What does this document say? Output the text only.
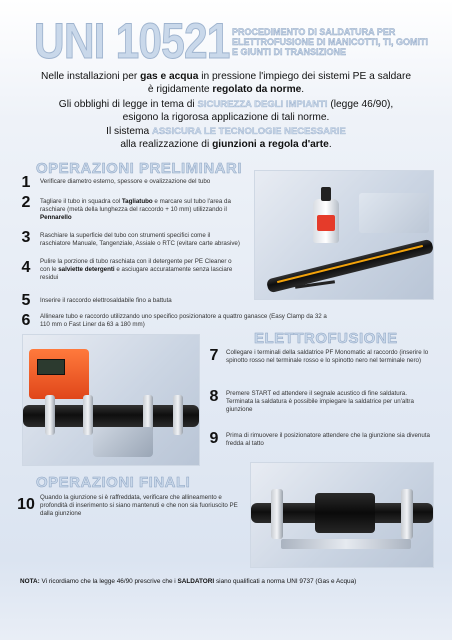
UNI 10521 PROCEDIMENTO DI SALDATURA PER ELETTROFUSIONE DI MANICOTTI, TI, GOMITI E GIUNTI DI TRANSIZIONE
Nelle installazioni per gas e acqua in pressione l'impiego dei sistemi PE a saldare
è rigidamente regolato da norme.
Gli obblighi di legge in tema di SICUREZZA DEGLI IMPIANTI (legge 46/90),
esigono la rigorosa applicazione di tali norme.
Il sistema ASSICURA LE TECNOLOGIE NECESSARIE
alla realizzazione di giunzioni a regola d'arte.
OPERAZIONI PRELIMINARI
1	Verificare diametro esterno, spessore e ovalizzazione del tubo
2	Tagliare il tubo in squadra col Tagliatubo e marcare sul tubo l'area da raschiare (metà della lunghezza del raccordo + 10 mm) utilizzando il Pennarello
3	Raschiare la superficie del tubo con strumenti specifici come il raschiatore Manuale, Tangenziale, Assiale o RTC (evitare carte abrasive)
4	Pulire la porzione di tubo raschiata con il detergente per PE Cleaner o con le salviette detergenti e asciugare accuratamente senza lasciare residui
5	Inserire il raccordo elettrosaldabile fino a battuta
6	Allineare tubo e raccordo utilizzando uno specifico posizionatore a quattro ganasce (Easy Clamp da 32 a 110 mm o Fast Liner da 63 a 180 mm)
ELETTROFUSIONE
7	Collegare i terminali della saldatrice PF Monomatic al raccordo (inserire lo spinotto rosso nel terminale rosso e lo spinotto nero nel terminale nero)
8	Premere START ed attendere il segnale acustico di fine saldatura. Terminata la saldatura è possibile impiegare la saldatrice per un'altra giunzione
9	Prima di rimuovere il posizionatore attendere che la giunzione sia divenuta fredda al tatto
OPERAZIONI FINALI
10 Quando la giunzione si è raffreddata, verificare che allineamento e profondità di inserimento si siano mantenuti e che non sia fuoriuscito PE dalla giunzione
NOTA: Vi ricordiamo che la legge 46/90 prescrive che i SALDATORI siano qualificati a norma UNI 9737 (Gas e Acqua)
